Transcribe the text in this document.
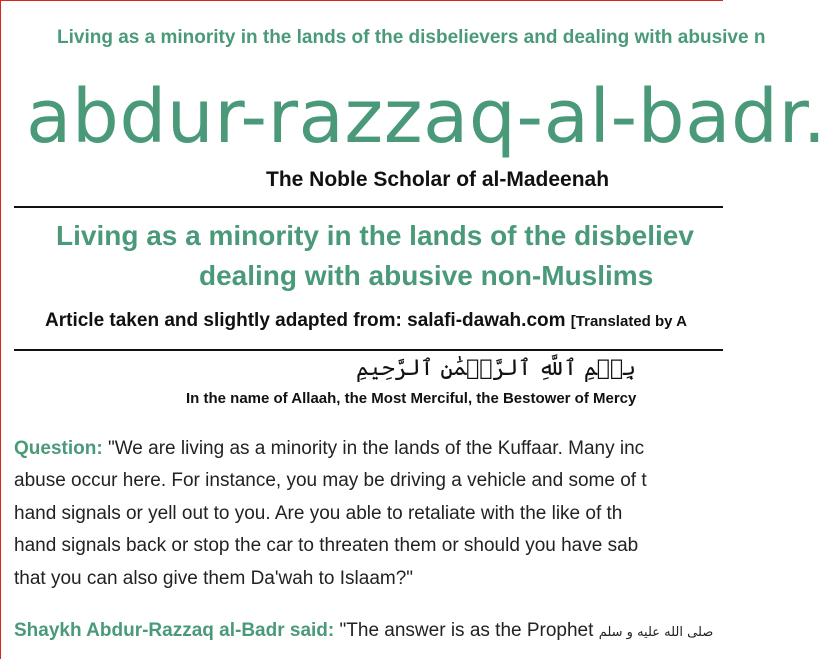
Living as a minority in the lands of the disbelievers and dealing with abusive n
abdur-razzaq-al-badr.
The Noble Scholar of al-Madeenah
Living as a minority in the lands of the disbeliev
dealing with abusive non-Muslims
Article taken and slightly adapted from: salafi-dawah.com [Translated by A
بِسۡمِ ٱللَّهِ ٱلرَّحۡمَٰنِ ٱلرَّحِيمِ
In the name of Allaah, the Most Merciful, the Bestower of Mercy
Question: "We are living as a minority in the lands of the Kuffaar. Many inc
abuse occur here. For instance, you may be driving a vehicle and some of t
hand signals or yell out to you. Are you able to retaliate with the like of th
hand signals back or stop the car to threaten them or should you have sab
that you can also give them Da'wah to Islaam?"
Shaykh Abdur-Razzaq al-Badr said: "The answer is as the Prophet صلى الله عليه و سلم
